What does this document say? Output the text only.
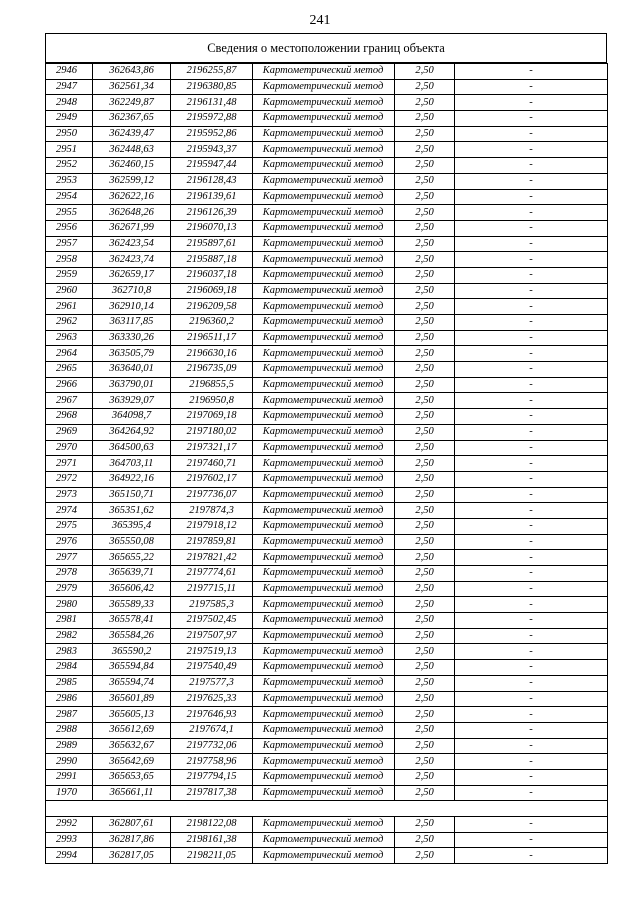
241
Сведения о местоположении границ объекта
2946	362643,86	2196255,87	Картометрический метод	2,50	-
2947	362561,34	2196380,85	Картометрический метод	2,50	-
2948	362249,87	2196131,48	Картометрический метод	2,50	-
2949	362367,65	2195972,88	Картометрический метод	2,50	-
2950	362439,47	2195952,86	Картометрический метод	2,50	-
2951	362448,63	2195943,37	Картометрический метод	2,50	-
2952	362460,15	2195947,44	Картометрический метод	2,50	-
2953	362599,12	2196128,43	Картометрический метод	2,50	-
2954	362622,16	2196139,61	Картометрический метод	2,50	-
2955	362648,26	2196126,39	Картометрический метод	2,50	-
2956	362671,99	2196070,13	Картометрический метод	2,50	-
2957	362423,54	2195897,61	Картометрический метод	2,50	-
2958	362423,74	2195887,18	Картометрический метод	2,50	-
2959	362659,17	2196037,18	Картометрический метод	2,50	-
2960	362710,8	2196069,18	Картометрический метод	2,50	-
2961	362910,14	2196209,58	Картометрический метод	2,50	-
2962	363117,85	2196360,2	Картометрический метод	2,50	-
2963	363330,26	2196511,17	Картометрический метод	2,50	-
2964	363505,79	2196630,16	Картометрический метод	2,50	-
2965	363640,01	2196735,09	Картометрический метод	2,50	-
2966	363790,01	2196855,5	Картометрический метод	2,50	-
2967	363929,07	2196950,8	Картометрический метод	2,50	-
2968	364098,7	2197069,18	Картометрический метод	2,50	-
2969	364264,92	2197180,02	Картометрический метод	2,50	-
2970	364500,63	2197321,17	Картометрический метод	2,50	-
2971	364703,11	2197460,71	Картометрический метод	2,50	-
2972	364922,16	2197602,17	Картометрический метод	2,50	-
2973	365150,71	2197736,07	Картометрический метод	2,50	-
2974	365351,62	2197874,3	Картометрический метод	2,50	-
2975	365395,4	2197918,12	Картометрический метод	2,50	-
2976	365550,08	2197859,81	Картометрический метод	2,50	-
2977	365655,22	2197821,42	Картометрический метод	2,50	-
2978	365639,71	2197774,61	Картометрический метод	2,50	-
2979	365606,42	2197715,11	Картометрический метод	2,50	-
2980	365589,33	2197585,3	Картометрический метод	2,50	-
2981	365578,41	2197502,45	Картометрический метод	2,50	-
2982	365584,26	2197507,97	Картометрический метод	2,50	-
2983	365590,2	2197519,13	Картометрический метод	2,50	-
2984	365594,84	2197540,49	Картометрический метод	2,50	-
2985	365594,74	2197577,3	Картометрический метод	2,50	-
2986	365601,89	2197625,33	Картометрический метод	2,50	-
2987	365605,13	2197646,93	Картометрический метод	2,50	-
2988	365612,69	2197674,1	Картометрический метод	2,50	-
2989	365632,67	2197732,06	Картометрический метод	2,50	-
2990	365642,69	2197758,96	Картометрический метод	2,50	-
2991	365653,65	2197794,15	Картометрический метод	2,50	-
1970	365661,11	2197817,38	Картометрический метод	2,50	-

2992	362807,61	2198122,08	Картометрический метод	2,50	-
2993	362817,86	2198161,38	Картометрический метод	2,50	-
2994	362817,05	2198211,05	Картометрический метод	2,50	-
